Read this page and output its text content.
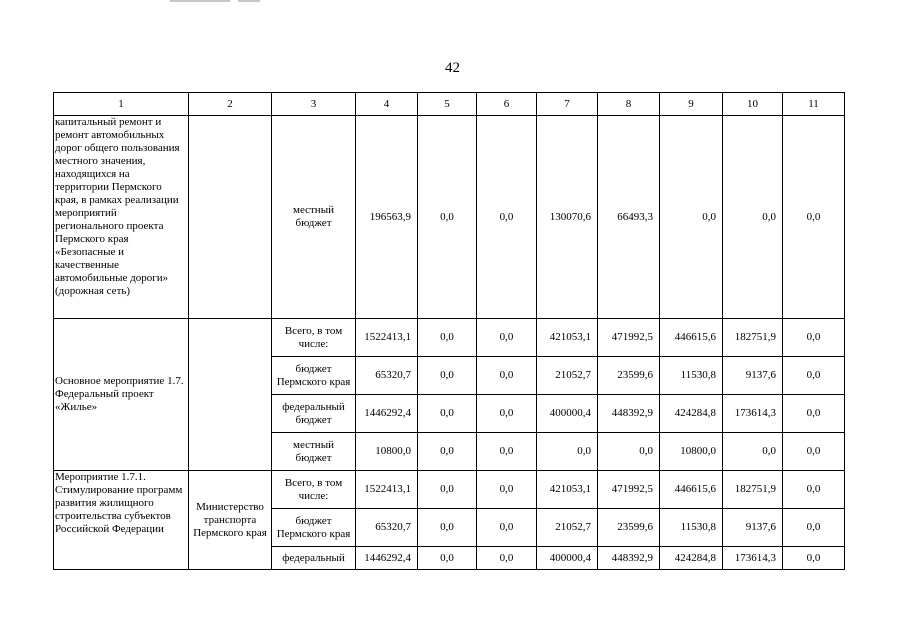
42
1	2	3	4	5	6	7	8	9	10	11
капитальный ремонт и ремонт автомобильных дорог общего пользования местного значения, находящихся на территории Пермского края, в рамках реализации мероприятий регионального проекта Пермского края «Безопасные и качественные автомобильные дороги» (дорожная сеть)		местный бюджет	196563,9	0,0	0,0	130070,6	66493,3	0,0	0,0	0,0
Основное мероприятие 1.7. Федеральный проект «Жилье»		Всего, в том числе:	1522413,1	0,0	0,0	421053,1	471992,5	446615,6	182751,9	0,0
		бюджет Пермского края	65320,7	0,0	0,0	21052,7	23599,6	11530,8	9137,6	0,0
		федеральный бюджет	1446292,4	0,0	0,0	400000,4	448392,9	424284,8	173614,3	0,0
		местный бюджет	10800,0	0,0	0,0	0,0	0,0	10800,0	0,0	0,0
Мероприятие 1.7.1. Стимулирование программ развития жилищного строительства субъектов Российской Федерации	Министерство транспорта Пермского края	Всего, в том числе:	1522413,1	0,0	0,0	421053,1	471992,5	446615,6	182751,9	0,0
		бюджет Пермского края	65320,7	0,0	0,0	21052,7	23599,6	11530,8	9137,6	0,0
		федеральный	1446292,4	0,0	0,0	400000,4	448392,9	424284,8	173614,3	0,0
